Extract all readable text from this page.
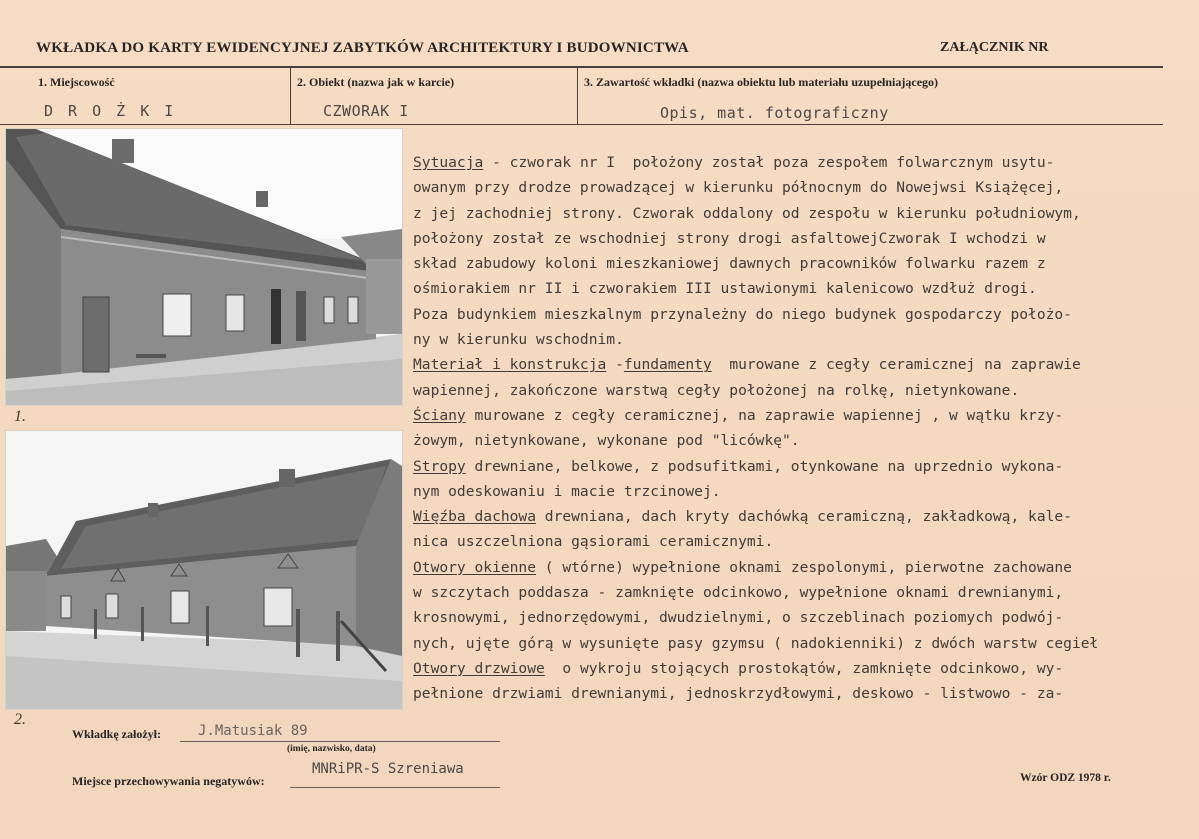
WKŁADKA DO KARTY EWIDENCYJNEJ ZABYTKÓW ARCHITEKTURY I BUDOWNICTWA	ZAŁĄCZNIK NR
1. Miejscowość
D R O Ż K I
2. Obiekt (nazwa jak w karcie)
CZWORAK I
3. Zawartość wkładki (nazwa obiektu lub materiału uzupełniającego)
Opis, mat. fotograficzny
1.
2.
Sytuacja - czworak nr I  położony został poza zespołem folwarcznym usytu-
owanym przy drodze prowadzącej w kierunku północnym do Nowejwsi Książęcej,
z jej zachodniej strony. Czworak oddalony od zespołu w kierunku południowym,
położony został ze wschodniej strony drogi asfaltowejCzworak I wchodzi w
skład zabudowy koloni mieszkaniowej dawnych pracowników folwarku razem z
ośmiorakiem nr II i czworakiem III ustawionymi kalenicowo wzdłuż drogi.
Poza budynkiem mieszkalnym przynależny do niego budynek gospodarczy położo-
ny w kierunku wschodnim.
Materiał i konstrukcja -fundamenty  murowane z cegły ceramicznej na zaprawie
wapiennej, zakończone warstwą cegły położonej na rolkę, nietynkowane.
Ściany murowane z cegły ceramicznej, na zaprawie wapiennej , w wątku krzy-
żowym, nietynkowane, wykonane pod "licówkę".
Stropy drewniane, belkowe, z podsufitkami, otynkowane na uprzednio wykona-
nym odeskowaniu i macie trzcinowej.
Więźba dachowa drewniana, dach kryty dachówką ceramiczną, zakładkową, kale-
nica uszczelniona gąsiorami ceramicznymi.
Otwory okienne ( wtórne) wypełnione oknami zespolonymi, pierwotne zachowane
w szczytach poddasza - zamknięte odcinkowo, wypełnione oknami drewnianymi,
krosnowymi, jednorzędowymi, dwudzielnymi, o szczeblinach poziomych podwój-
nych, ujęte górą w wysunięte pasy gzymsu ( nadokienniki) z dwóch warstw cegieł
Otwory drzwiowe  o wykroju stojących prostokątów, zamknięte odcinkowo, wy-
pełnione drzwiami drewnianymi, jednoskrzydłowymi, deskowo - listwowo - za-
Wkładkę założył:	J.Matusiak 89
(imię, nazwisko, data)
Miejsce przechowywania negatywów:
MNRiPR-S Szreniawa
Wzór ODZ 1978 r.
